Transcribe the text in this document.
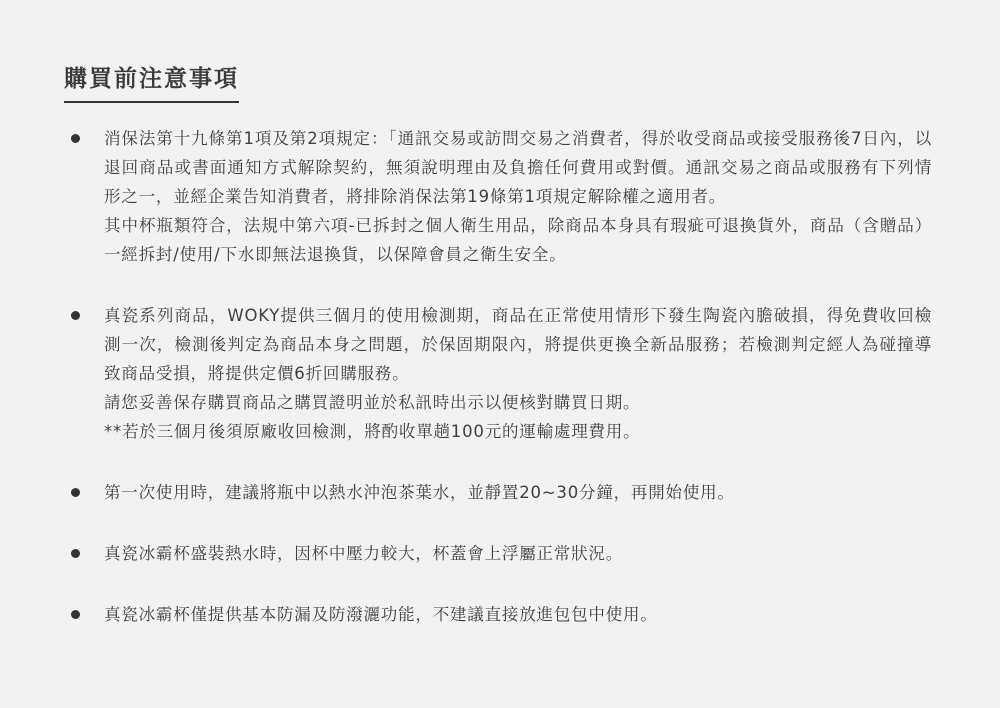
購買前注意事項

消保法第十九條第1項及第2項規定：「通訊交易或訪問交易之消費者，得於收受商品或接受服務後7日內，以退回商品或書面通知方式解除契約，無須說明理由及負擔任何費用或對價。通訊交易之商品或服務有下列情形之一，並經企業告知消費者，將排除消保法第19條第1項規定解除權之適用者。

其中杯瓶類符合，法規中第六項-已拆封之個人衛生用品，除商品本身具有瑕疵可退換貨外，商品（含贈品）一經拆封/使用/下水即無法退換貨，以保障會員之衛生安全。

真瓷系列商品，WOKY提供三個月的使用檢測期，商品在正常使用情形下發生陶瓷內膽破損，得免費收回檢測一次，檢測後判定為商品本身之問題，於保固期限內，將提供更換全新品服務；若檢測判定經人為碰撞導致商品受損，將提供定價6折回購服務。

請您妥善保存購買商品之購買證明並於私訊時出示以便核對購買日期。

**若於三個月後須原廠收回檢測，將酌收單趟100元的運輸處理費用。

第一次使用時，建議將瓶中以熱水沖泡茶葉水，並靜置20~30分鐘，再開始使用。

真瓷冰霸杯盛裝熱水時，因杯中壓力較大，杯蓋會上浮屬正常狀況。

真瓷冰霸杯僅提供基本防漏及防潑灑功能，不建議直接放進包包中使用。
